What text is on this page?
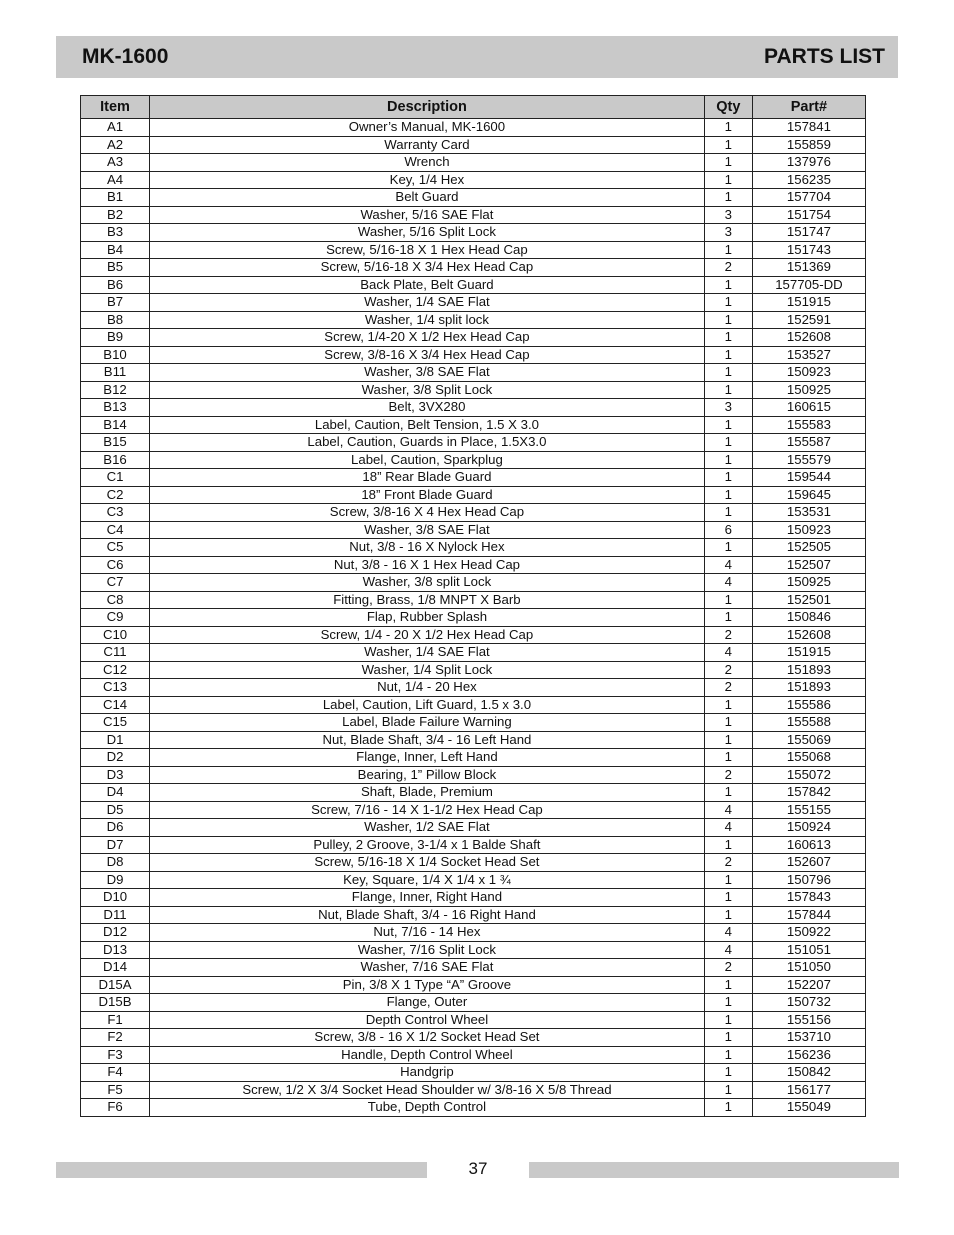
MK-1600	PARTS LIST
Item	Description	Qty	Part#
A1	Owner’s Manual, MK-1600	1	157841
A2	Warranty Card	1	155859
A3	Wrench	1	137976
A4	Key, 1/4 Hex	1	156235
B1	Belt Guard	1	157704
B2	Washer, 5/16 SAE Flat	3	151754
B3	Washer, 5/16 Split Lock	3	151747
B4	Screw, 5/16-18 X 1 Hex Head Cap	1	151743
B5	Screw, 5/16-18 X 3/4 Hex Head Cap	2	151369
B6	Back Plate, Belt Guard	1	157705-DD
B7	Washer, 1/4 SAE Flat	1	151915
B8	Washer, 1/4 split lock	1	152591
B9	Screw, 1/4-20 X 1/2 Hex Head Cap	1	152608
B10	Screw, 3/8-16 X 3/4 Hex Head Cap	1	153527
B11	Washer, 3/8 SAE Flat	1	150923
B12	Washer, 3/8 Split Lock	1	150925
B13	Belt, 3VX280	3	160615
B14	Label, Caution, Belt Tension, 1.5 X 3.0	1	155583
B15	Label, Caution, Guards in Place, 1.5X3.0	1	155587
B16	Label, Caution, Sparkplug	1	155579
C1	18” Rear Blade Guard	1	159544
C2	18” Front Blade Guard	1	159645
C3	Screw, 3/8-16 X 4 Hex Head Cap	1	153531
C4	Washer, 3/8 SAE Flat	6	150923
C5	Nut, 3/8 - 16 X Nylock Hex	1	152505
C6	Nut, 3/8 - 16 X 1 Hex Head Cap	4	152507
C7	Washer, 3/8 split Lock	4	150925
C8	Fitting, Brass, 1/8 MNPT X Barb	1	152501
C9	Flap, Rubber Splash	1	150846
C10	Screw, 1/4 - 20 X 1/2 Hex Head Cap	2	152608
C11	Washer, 1/4 SAE Flat	4	151915
C12	Washer, 1/4 Split Lock	2	151893
C13	Nut, 1/4 - 20 Hex	2	151893
C14	Label, Caution, Lift Guard, 1.5 x 3.0	1	155586
C15	Label, Blade Failure Warning	1	155588
D1	Nut, Blade Shaft, 3/4 - 16 Left Hand	1	155069
D2	Flange, Inner, Left Hand	1	155068
D3	Bearing, 1” Pillow Block	2	155072
D4	Shaft, Blade, Premium	1	157842
D5	Screw, 7/16 - 14 X 1-1/2 Hex Head Cap	4	155155
D6	Washer, 1/2 SAE Flat	4	150924
D7	Pulley, 2 Groove, 3-1/4 x 1 Balde Shaft	1	160613
D8	Screw, 5/16-18 X 1/4 Socket Head Set	2	152607
D9	Key, Square, 1/4 X 1/4 x 1 ¾	1	150796
D10	Flange, Inner, Right Hand	1	157843
D11	Nut, Blade Shaft, 3/4 - 16 Right Hand	1	157844
D12	Nut, 7/16 - 14 Hex	4	150922
D13	Washer, 7/16 Split Lock	4	151051
D14	Washer, 7/16 SAE Flat	2	151050
D15A	Pin, 3/8 X 1 Type “A” Groove	1	152207
D15B	Flange, Outer	1	150732
F1	Depth Control Wheel	1	155156
F2	Screw, 3/8 - 16 X 1/2 Socket Head Set	1	153710
F3	Handle, Depth Control Wheel	1	156236
F4	Handgrip	1	150842
F5	Screw, 1/2 X 3/4 Socket Head Shoulder w/ 3/8-16 X 5/8 Thread	1	156177
F6	Tube, Depth Control	1	155049
37
